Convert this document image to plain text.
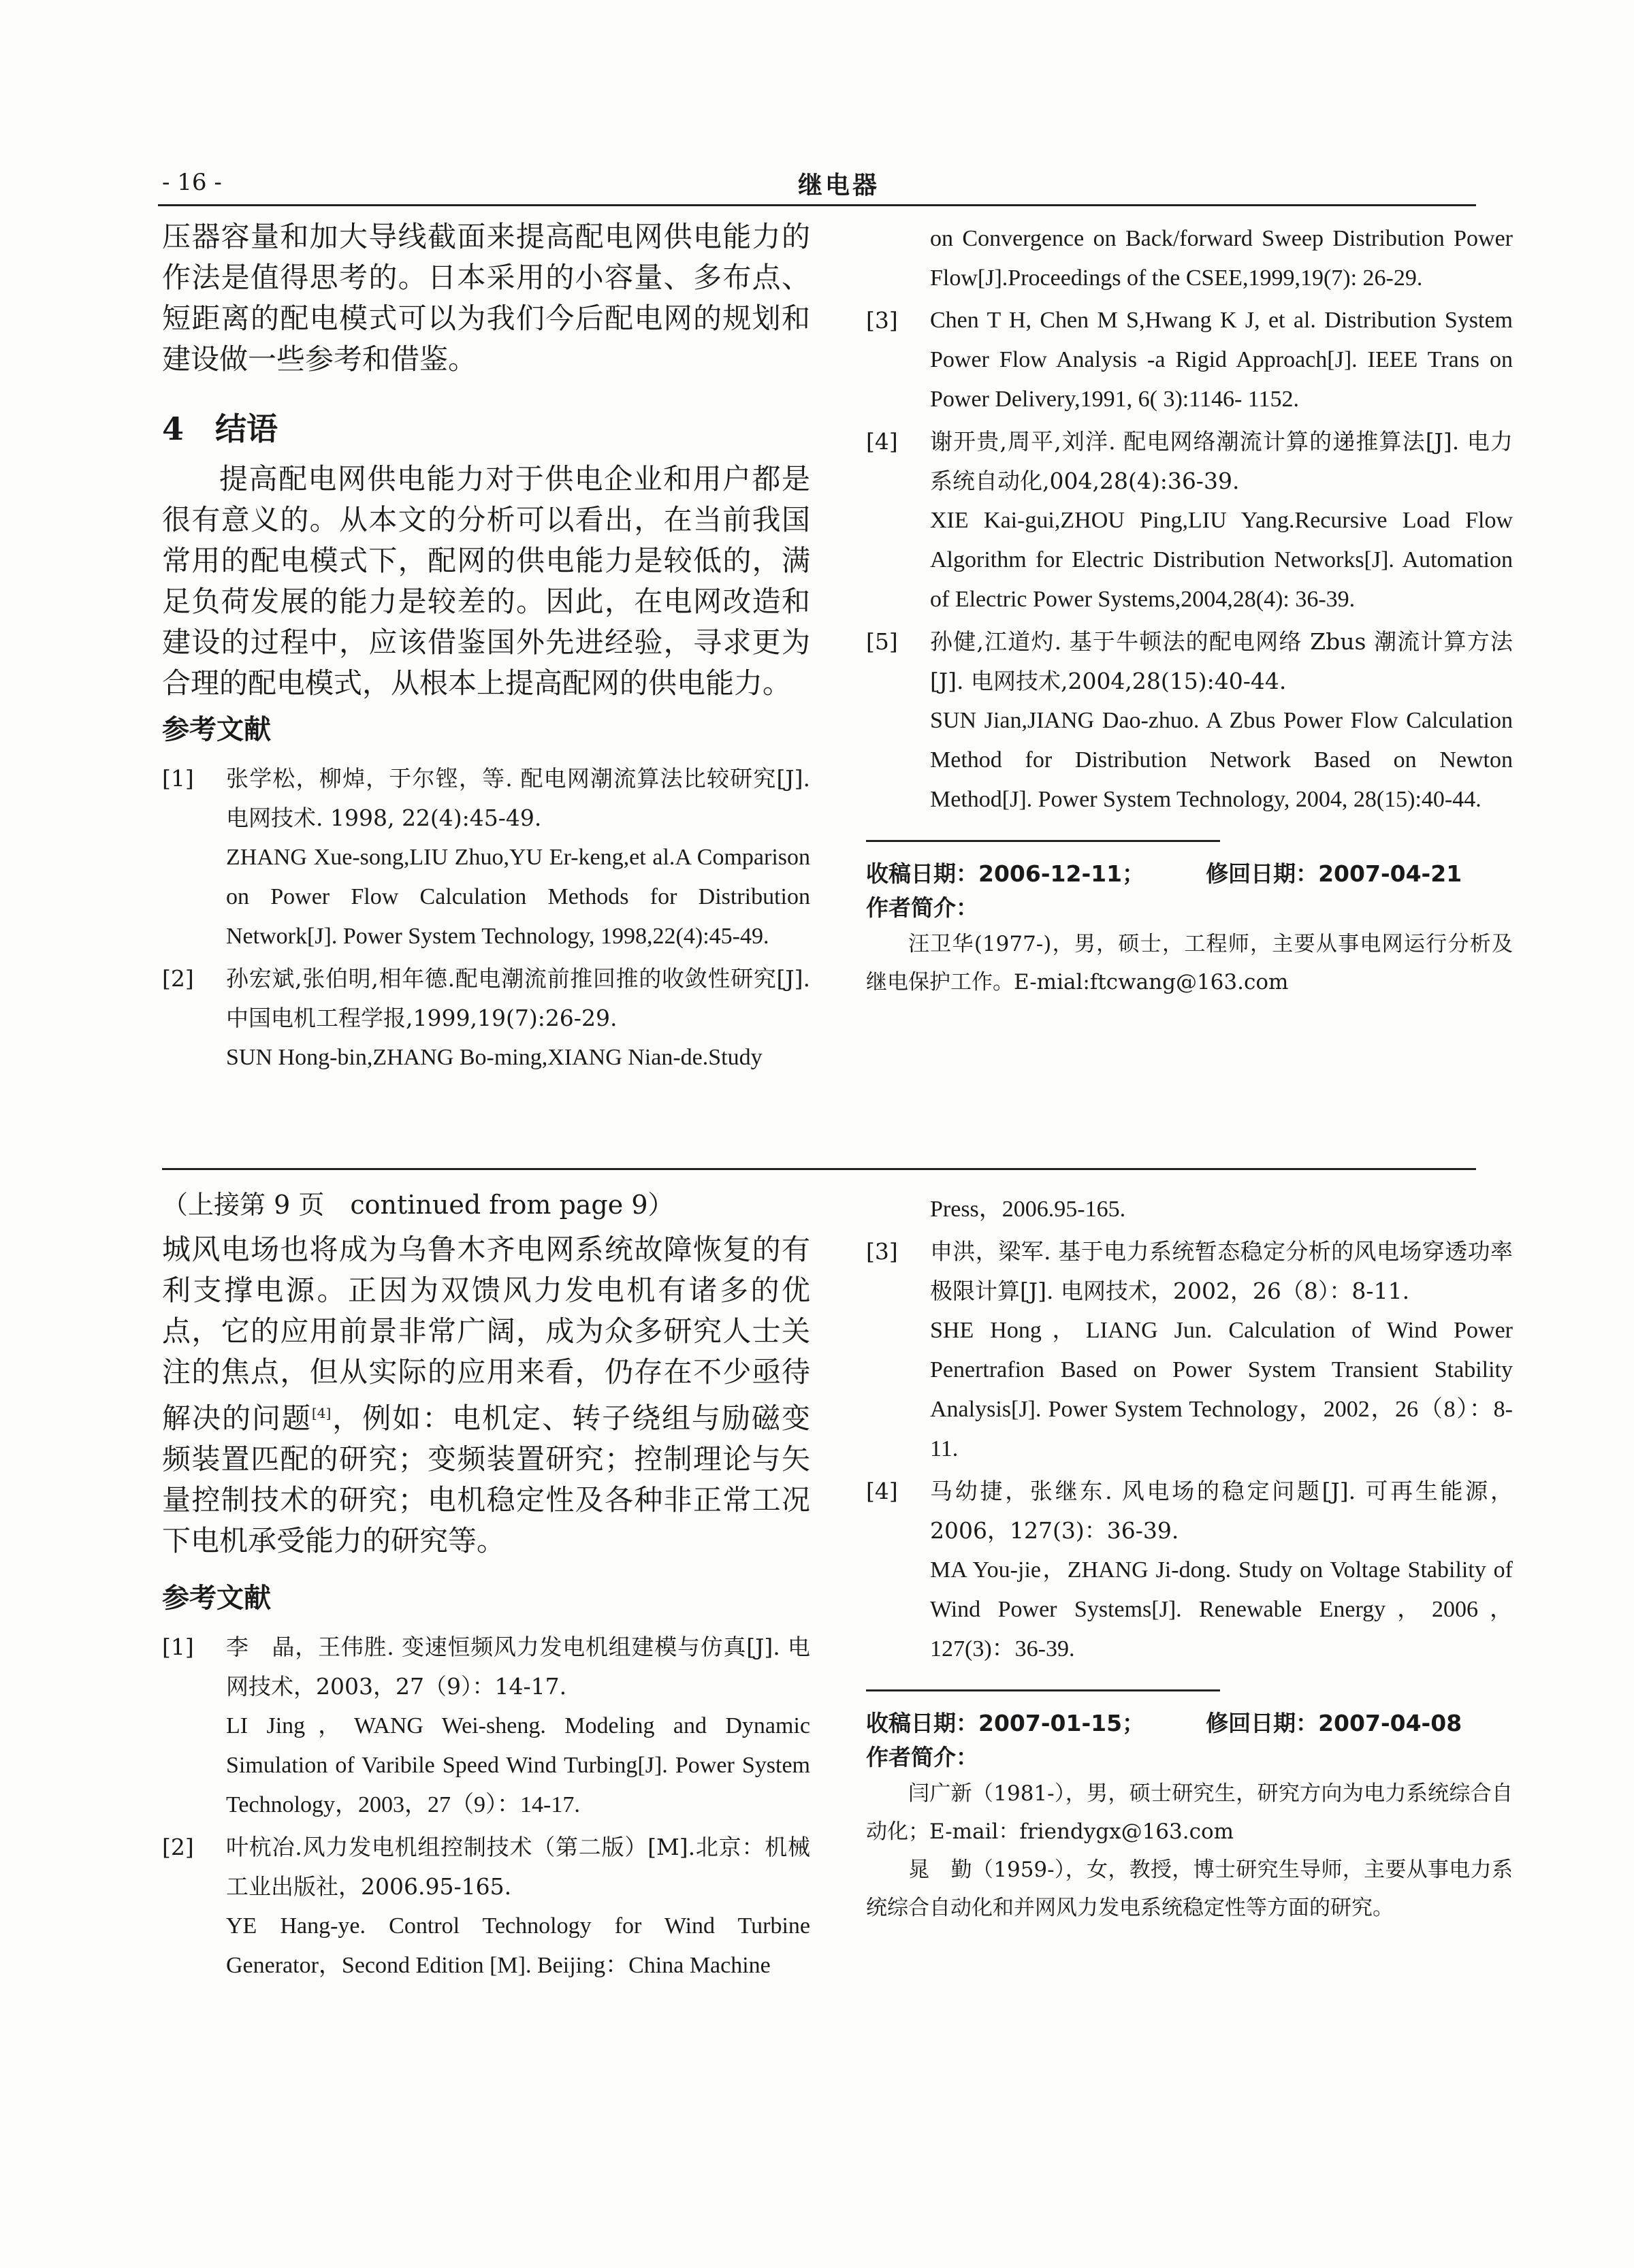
- 16 -	继电器
压器容量和加大导线截面来提高配电网供电能力的作法是值得思考的。日本采用的小容量、多布点、短距离的配电模式可以为我们今后配电网的规划和建设做一些参考和借鉴。
4　结语
提高配电网供电能力对于供电企业和用户都是很有意义的。从本文的分析可以看出，在当前我国常用的配电模式下，配网的供电能力是较低的，满足负荷发展的能力是较差的。因此，在电网改造和建设的过程中，应该借鉴国外先进经验，寻求更为合理的配电模式，从根本上提高配网的供电能力。
参考文献
[1] 张学松，柳焯，于尔铿，等. 配电网潮流算法比较研究[J]. 电网技术. 1998, 22(4):45-49.
ZHANG Xue-song,LIU Zhuo,YU Er-keng,et al.A Comparison on Power Flow Calculation Methods for Distribution Network[J]. Power System Technology, 1998,22(4):45-49.
[2] 孙宏斌,张伯明,相年德.配电潮流前推回推的收敛性研究[J].中国电机工程学报,1999,19(7):26-29.
SUN Hong-bin,ZHANG Bo-ming,XIANG Nian-de.Study
on Convergence on Back/forward Sweep Distribution Power Flow[J].Proceedings of the CSEE,1999,19(7): 26-29.
[3] Chen T H, Chen M S,Hwang K J, et al. Distribution System Power Flow Analysis -a Rigid Approach[J]. IEEE Trans on Power Delivery,1991, 6( 3):1146- 1152.
[4] 谢开贵,周平,刘洋. 配电网络潮流计算的递推算法[J]. 电力系统自动化,004,28(4):36-39.
XIE Kai-gui,ZHOU Ping,LIU Yang.Recursive Load Flow Algorithm for Electric Distribution Networks[J]. Automation of Electric Power Systems,2004,28(4): 36-39.
[5] 孙健,江道灼. 基于牛顿法的配电网络 Zbus 潮流计算方法[J]. 电网技术,2004,28(15):40-44.
SUN Jian,JIANG Dao-zhuo. A Zbus Power Flow Calculation Method for Distribution Network Based on Newton Method[J]. Power System Technology, 2004, 28(15):40-44.
收稿日期：2006-12-11；	修回日期：2007-04-21
作者简介：

汪卫华(1977-)，男，硕士，工程师，主要从事电网运行分析及继电保护工作。E-mial:ftcwang@163.com

（上接第 9 页　continued from page 9）
城风电场也将成为乌鲁木齐电网系统故障恢复的有利支撑电源。正因为双馈风力发电机有诸多的优点，它的应用前景非常广阔，成为众多研究人士关注的焦点，但从实际的应用来看，仍存在不少亟待解决的问题[4]，例如：电机定、转子绕组与励磁变频装置匹配的研究；变频装置研究；控制理论与矢量控制技术的研究；电机稳定性及各种非正常工况下电机承受能力的研究等。
参考文献
[1] 李　晶，王伟胜. 变速恒频风力发电机组建模与仿真[J]. 电网技术，2003，27（9）：14-17.
LI Jing，WANG Wei-sheng. Modeling and Dynamic Simulation of Varibile Speed Wind Turbing[J]. Power System Technology，2003，27（9）：14-17.
[2] 叶杭冶.风力发电机组控制技术（第二版）[M].北京：机械工业出版社，2006.95-165.
YE Hang-ye. Control Technology for Wind Turbine Generator，Second Edition [M]. Beijing：China Machine
Press，2006.95-165.
[3] 申洪，梁军. 基于电力系统暂态稳定分析的风电场穿透功率极限计算[J]. 电网技术，2002，26（8）：8-11.
SHE Hong，LIANG Jun. Calculation of Wind Power Penertrafion Based on Power System Transient Stability Analysis[J]. Power System Technology，2002，26（8）：8-11.
[4] 马幼捷，张继东. 风电场的稳定问题[J]. 可再生能源，2006，127(3)：36-39.
MA You-jie，ZHANG Ji-dong. Study on Voltage Stability of Wind Power Systems[J]. Renewable Energy，2006，127(3)：36-39.
收稿日期：2007-01-15；	修回日期：2007-04-08
作者简介：

闫广新（1981-），男，硕士研究生，研究方向为电力系统综合自动化；E-mail：friendygx@163.com

晁　勤（1959-），女，教授，博士研究生导师，主要从事电力系统综合自动化和并网风力发电系统稳定性等方面的研究。
